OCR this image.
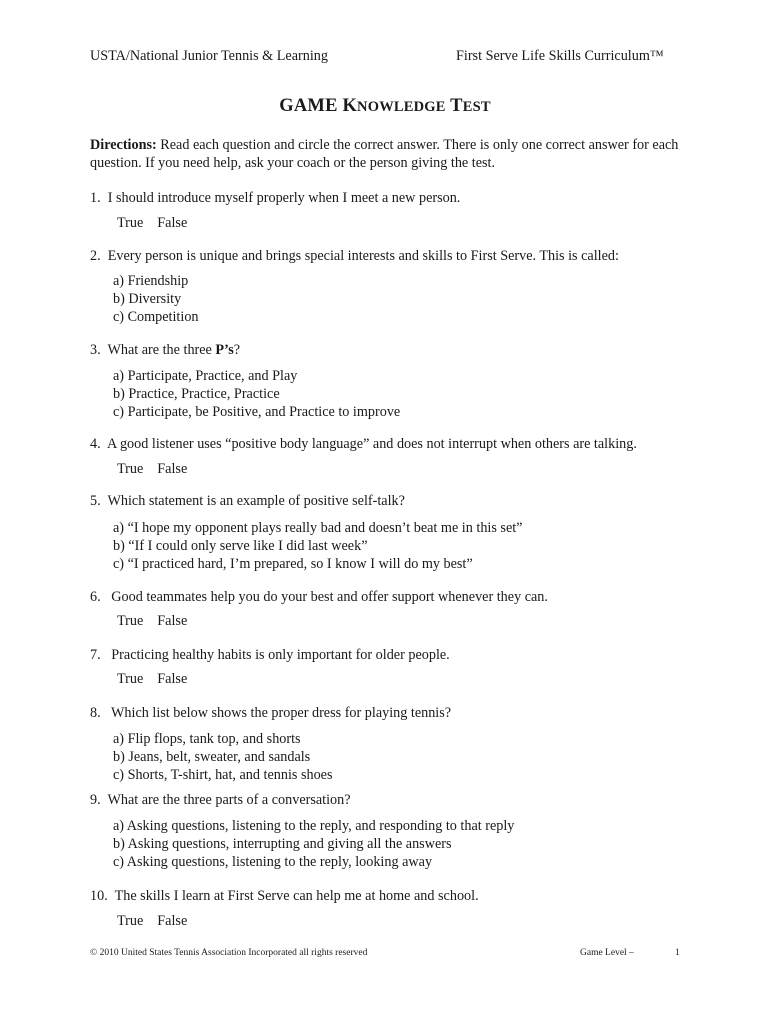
USTA/National Junior Tennis & Learning	First Serve Life Skills Curriculum™
GAME KNOWLEDGE TEST
Directions: Read each question and circle the correct answer. There is only one correct answer for each question. If you need help, ask your coach or the person giving the test.
1. I should introduce myself properly when I meet a new person.
True False
2. Every person is unique and brings special interests and skills to First Serve. This is called:
a) Friendship
b) Diversity
c) Competition
3. What are the three P’s?
a) Participate, Practice, and Play
b) Practice, Practice, Practice
c) Participate, be Positive, and Practice to improve
4. A good listener uses “positive body language” and does not interrupt when others are talking.
True False
5. Which statement is an example of positive self-talk?
a) “I hope my opponent plays really bad and doesn’t beat me in this set”
b) “If I could only serve like I did last week”
c) “I practiced hard, I’m prepared, so I know I will do my best”
6. Good teammates help you do your best and offer support whenever they can.
True False
7. Practicing healthy habits is only important for older people.
True False
8. Which list below shows the proper dress for playing tennis?
a) Flip flops, tank top, and shorts
b) Jeans, belt, sweater, and sandals
c) Shorts, T-shirt, hat, and tennis shoes
9. What are the three parts of a conversation?
a) Asking questions, listening to the reply, and responding to that reply
b) Asking questions, interrupting and giving all the answers
c) Asking questions, listening to the reply, looking away
10. The skills I learn at First Serve can help me at home and school.
True False
© 2010 United States Tennis Association Incorporated all rights reserved	Game Level –	1
